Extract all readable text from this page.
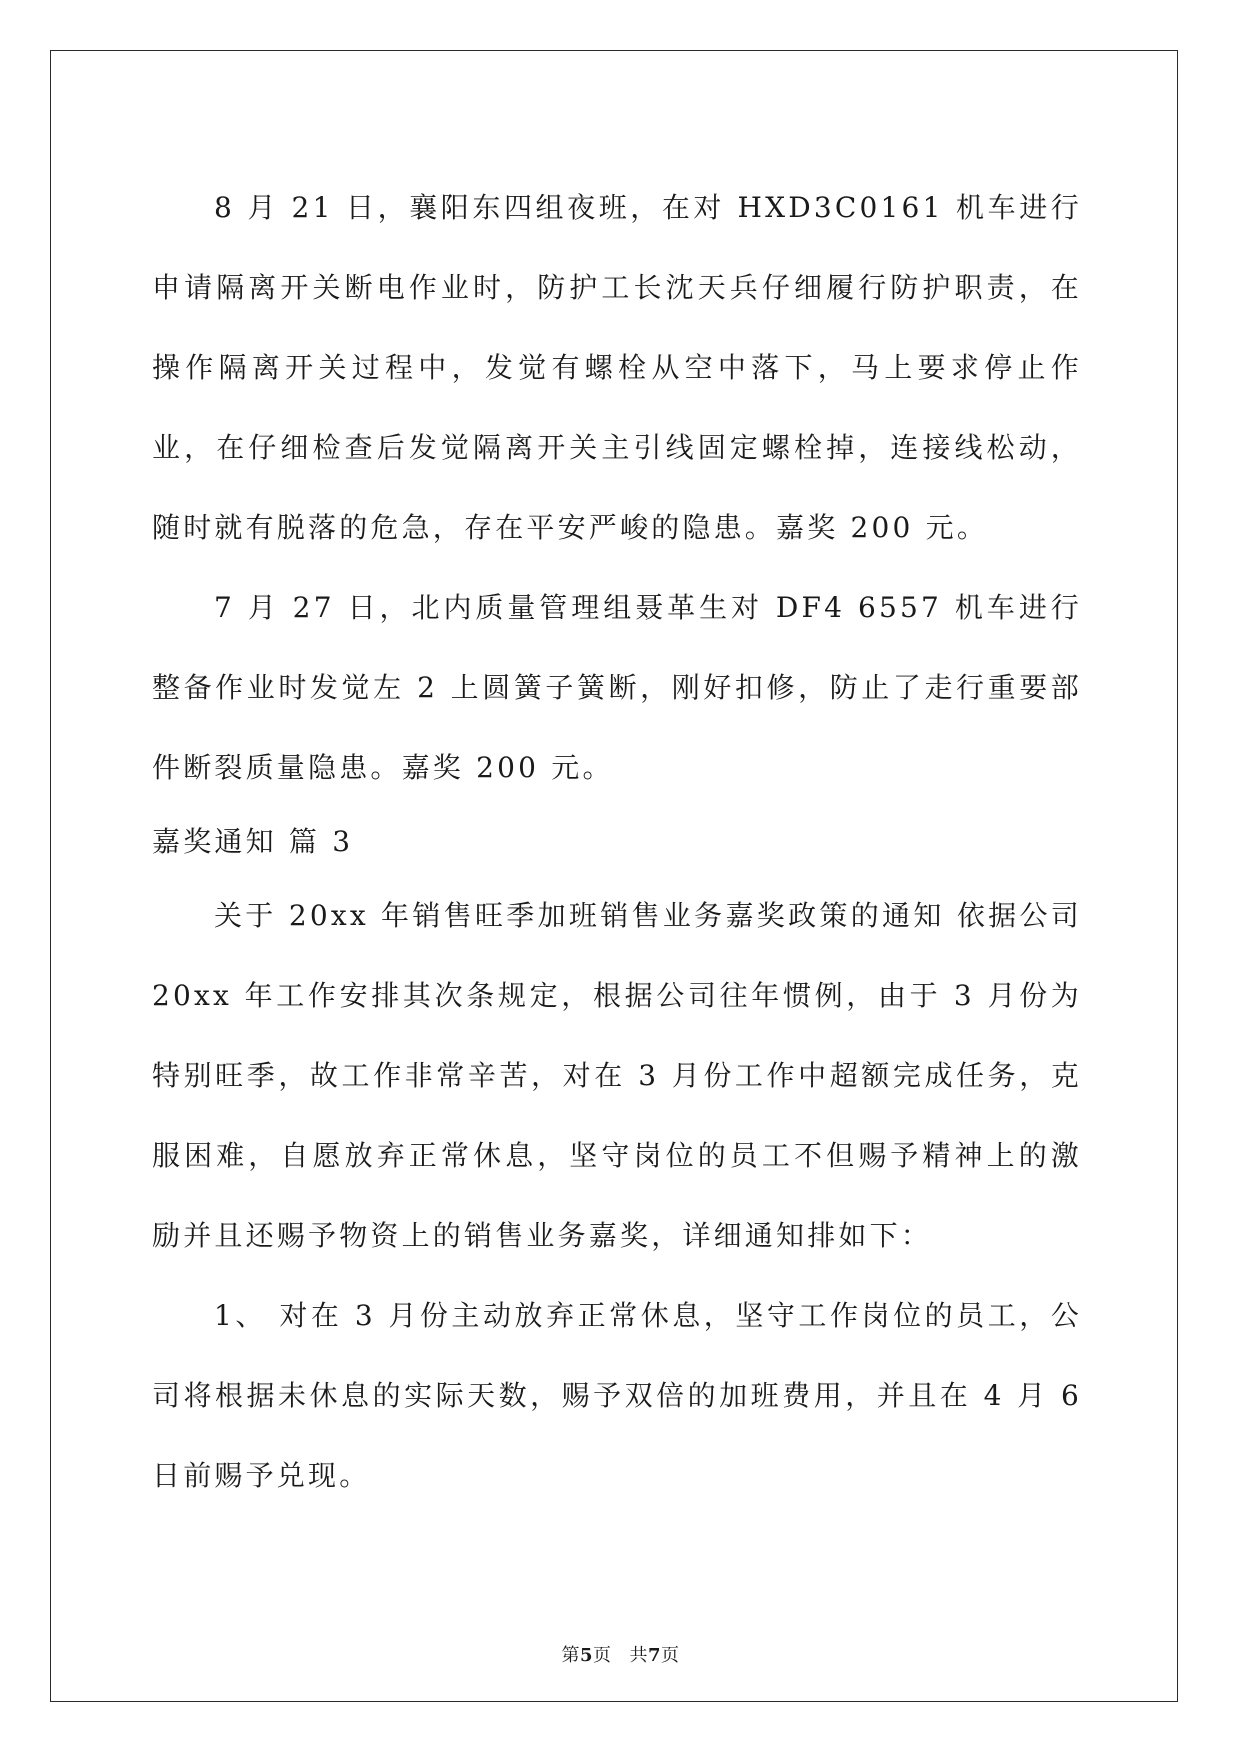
8 月 21 日，襄阳东四组夜班，在对 HXD3C0161 机车进行申请隔离开关断电作业时，防护工长沈天兵仔细履行防护职责，在操作隔离开关过程中，发觉有螺栓从空中落下，马上要求停止作业，在仔细检查后发觉隔离开关主引线固定螺栓掉，连接线松动，随时就有脱落的危急，存在平安严峻的隐患。嘉奖 200 元。

7 月 27 日，北内质量管理组聂革生对 DF4 6557 机车进行整备作业时发觉左 2 上圆簧子簧断，刚好扣修，防止了走行重要部件断裂质量隐患。嘉奖 200 元。

嘉奖通知 篇 3

关于 20xx 年销售旺季加班销售业务嘉奖政策的通知 依据公司 20xx 年工作安排其次条规定，根据公司往年惯例，由于 3 月份为特别旺季，故工作非常辛苦，对在 3 月份工作中超额完成任务，克服困难，自愿放弃正常休息，坚守岗位的员工不但赐予精神上的激励并且还赐予物资上的销售业务嘉奖，详细通知排如下：

1、 对在 3 月份主动放弃正常休息，坚守工作岗位的员工，公司将根据未休息的实际天数，赐予双倍的加班费用，并且在 4 月 6 日前赐予兑现。

第5页 共7页
